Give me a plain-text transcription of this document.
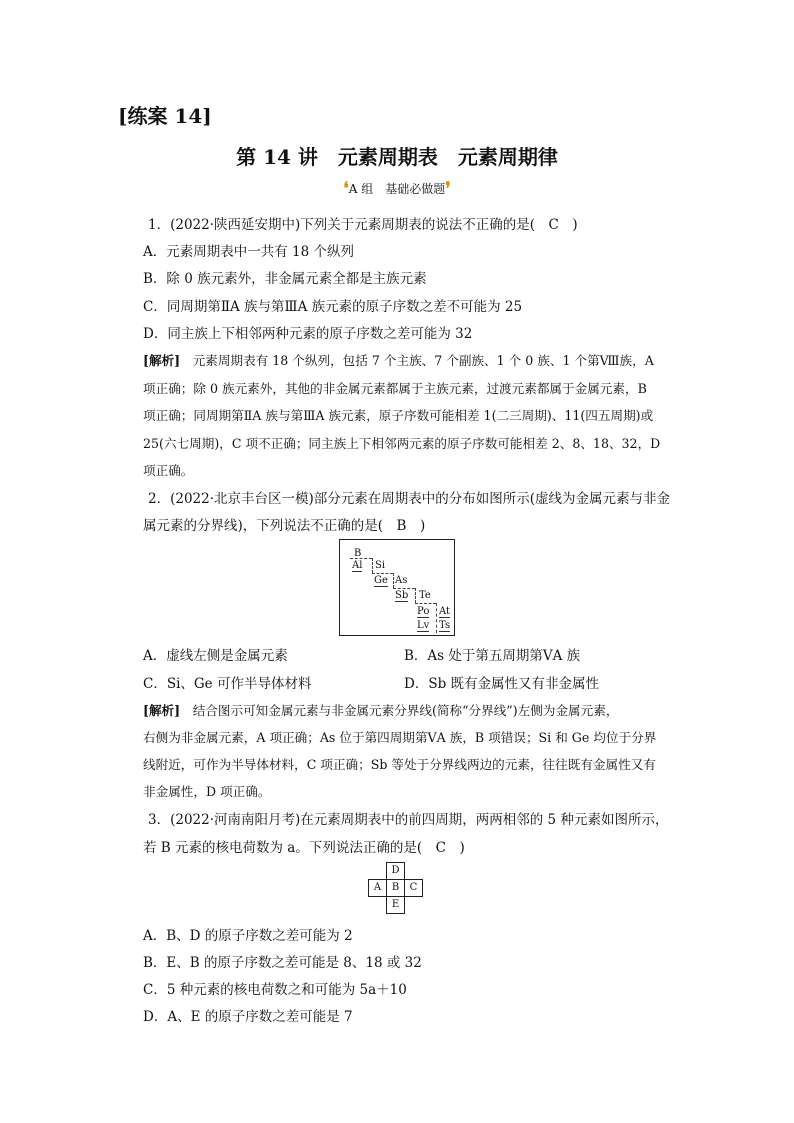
[练案 14]
第 14 讲　元素周期表　元素周期律
❛A 组　基础必做题❜
1．(2022·陕西延安期中)下列关于元素周期表的说法不正确的是(　C　)
A．元素周期表中一共有 18 个纵列
B．除 0 族元素外，非金属元素全都是主族元素
C．同周期第ⅡA 族与第ⅢA 族元素的原子序数之差不可能为 25
D．同主族上下相邻两种元素的原子序数之差可能为 32
[解析]　元素周期表有 18 个纵列，包括 7 个主族、7 个副族、1 个 0 族、1 个第Ⅷ族，A
项正确；除 0 族元素外，其他的非金属元素都属于主族元素，过渡元素都属于金属元素，B
项正确；同周期第ⅡA 族与第ⅢA 族元素，原子序数可能相差 1(二三周期)、11(四五周期)或
25(六七周期)，C 项不正确；同主族上下相邻两元素的原子序数可能相差 2、8、18、32，D
项正确。
2．(2022·北京丰台区一模)部分元素在周期表中的分布如图所示(虚线为金属元素与非金
属元素的分界线)，下列说法不正确的是(　B　)
B
Al Si
Ge As
Sb Te
Po At
Lv Ts
A．虚线左侧是金属元素	B．As 处于第五周期第ⅤA 族
C．Si、Ge 可作半导体材料	D．Sb 既有金属性又有非金属性
[解析]　结合图示可知金属元素与非金属元素分界线(简称“分界线”)左侧为金属元素，
右侧为非金属元素，A 项正确；As 位于第四周期第ⅤA 族，B 项错误；Si 和 Ge 均位于分界
线附近，可作为半导体材料，C 项正确；Sb 等处于分界线两边的元素，往往既有金属性又有
非金属性，D 项正确。
3．(2022·河南南阳月考)在元素周期表中的前四周期，两两相邻的 5 种元素如图所示，
若 B 元素的核电荷数为 a。下列说法正确的是(　C　)
D
A	B	C
E
A．B、D 的原子序数之差可能为 2
B．E、B 的原子序数之差可能是 8、18 或 32
C．5 种元素的核电荷数之和可能为 5a＋10
D．A、E 的原子序数之差可能是 7
